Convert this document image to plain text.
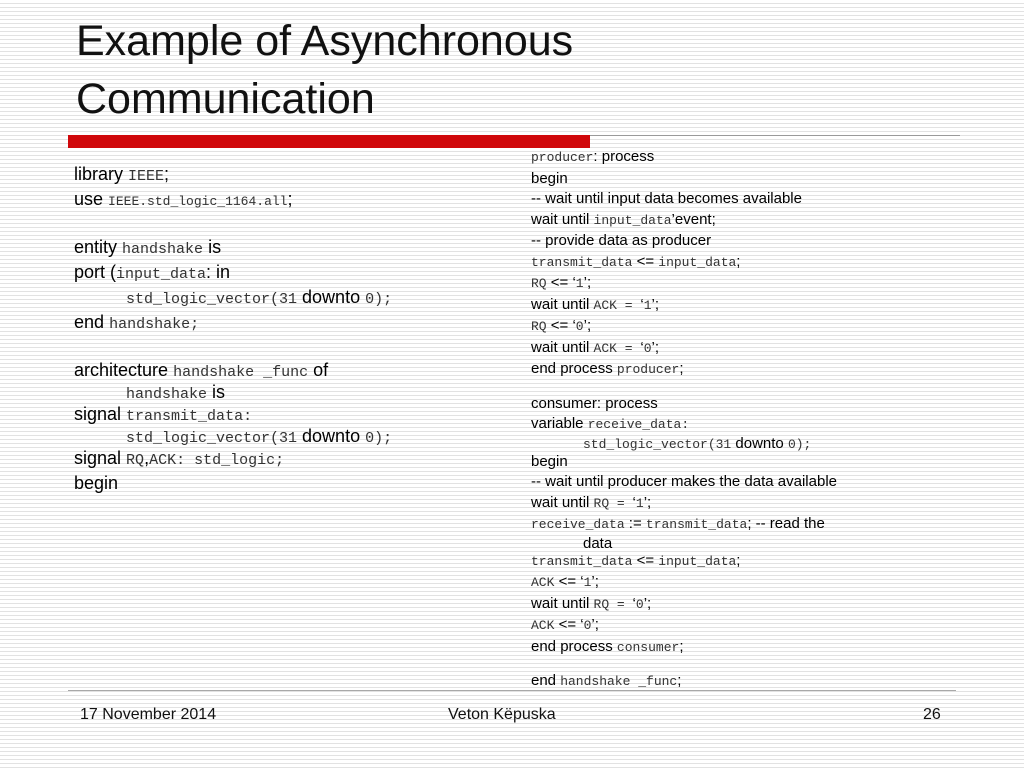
Example of Asynchronous
Communication
library IEEE;
use IEEE.std_logic_1164.all;
entity handshake is
port (input_data: in
std_logic_vector(31 downto 0);
end handshake;
architecture handshake _func of
handshake is
signal transmit_data:
std_logic_vector(31 downto 0);
signal RQ,ACK: std_logic;
begin
producer: process
begin
-- wait until input data becomes available
wait until input_data’event;
-- provide data as producer
transmit_data <= input_data;
RQ <= ‘1’;
wait until ACK = ‘1’;
RQ <= ‘0’;
wait until ACK = ‘0’;
end process producer;
consumer: process
variable receive_data:
std_logic_vector(31 downto 0);
begin
-- wait until producer makes the data available
wait until RQ = ‘1’;
receive_data := transmit_data; -- read the
data
transmit_data <= input_data;
ACK <= ‘1’;
wait until RQ = ‘0’;
ACK <= ‘0’;
end process consumer;
end handshake _func;
17 November 2014	Veton Këpuska	26
